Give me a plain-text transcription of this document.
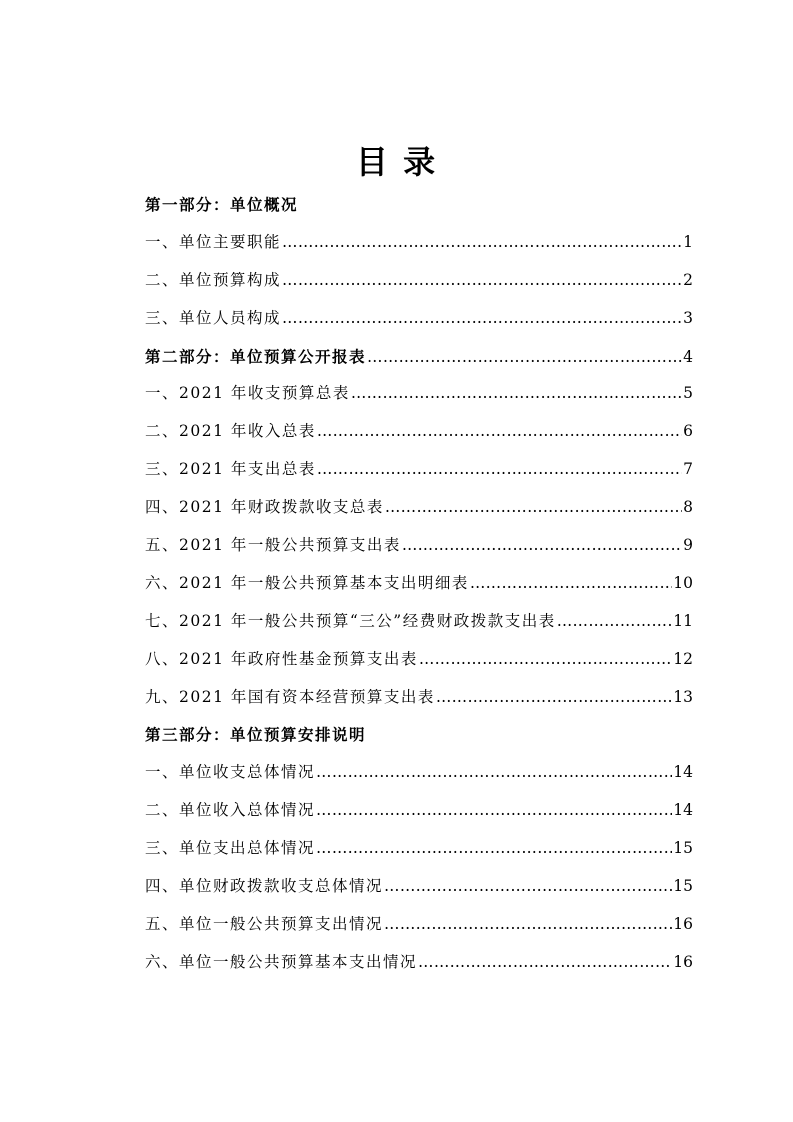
目 录
第一部分：单位概况
一、单位主要职能 ………………………………………………………………………………………………………………………………………………	1
二、单位预算构成 ………………………………………………………………………………………………………………………………………………	2
三、单位人员构成 ………………………………………………………………………………………………………………………………………………	3
第二部分：单位预算公开报表 ………………………………………………………………………………………………………………………………………………	4
一、2021 年收支预算总表 ………………………………………………………………………………………………………………………………………………	5
二、2021 年收入总表 ………………………………………………………………………………………………………………………………………………	6
三、2021 年支出总表 ………………………………………………………………………………………………………………………………………………	7
四、2021 年财政拨款收支总表 ………………………………………………………………………………………………………………………………………………	8
五、2021 年一般公共预算支出表 ………………………………………………………………………………………………………………………………………………	9
六、2021 年一般公共预算基本支出明细表 ………………………………………………………………………………………………………………………………………………	10
七、2021 年一般公共预算“三公”经费财政拨款支出表 ………………………………………………………………………………………………………………………………………………	11
八、2021 年政府性基金预算支出表 ………………………………………………………………………………………………………………………………………………	12
九、2021 年国有资本经营预算支出表 ………………………………………………………………………………………………………………………………………………	13
第三部分：单位预算安排说明
一、单位收支总体情况 ………………………………………………………………………………………………………………………………………………	14
二、单位收入总体情况 ………………………………………………………………………………………………………………………………………………	14
三、单位支出总体情况 ………………………………………………………………………………………………………………………………………………	15
四、单位财政拨款收支总体情况 ………………………………………………………………………………………………………………………………………………	15
五、单位一般公共预算支出情况 ………………………………………………………………………………………………………………………………………………	16
六、单位一般公共预算基本支出情况 ………………………………………………………………………………………………………………………………………………	16
